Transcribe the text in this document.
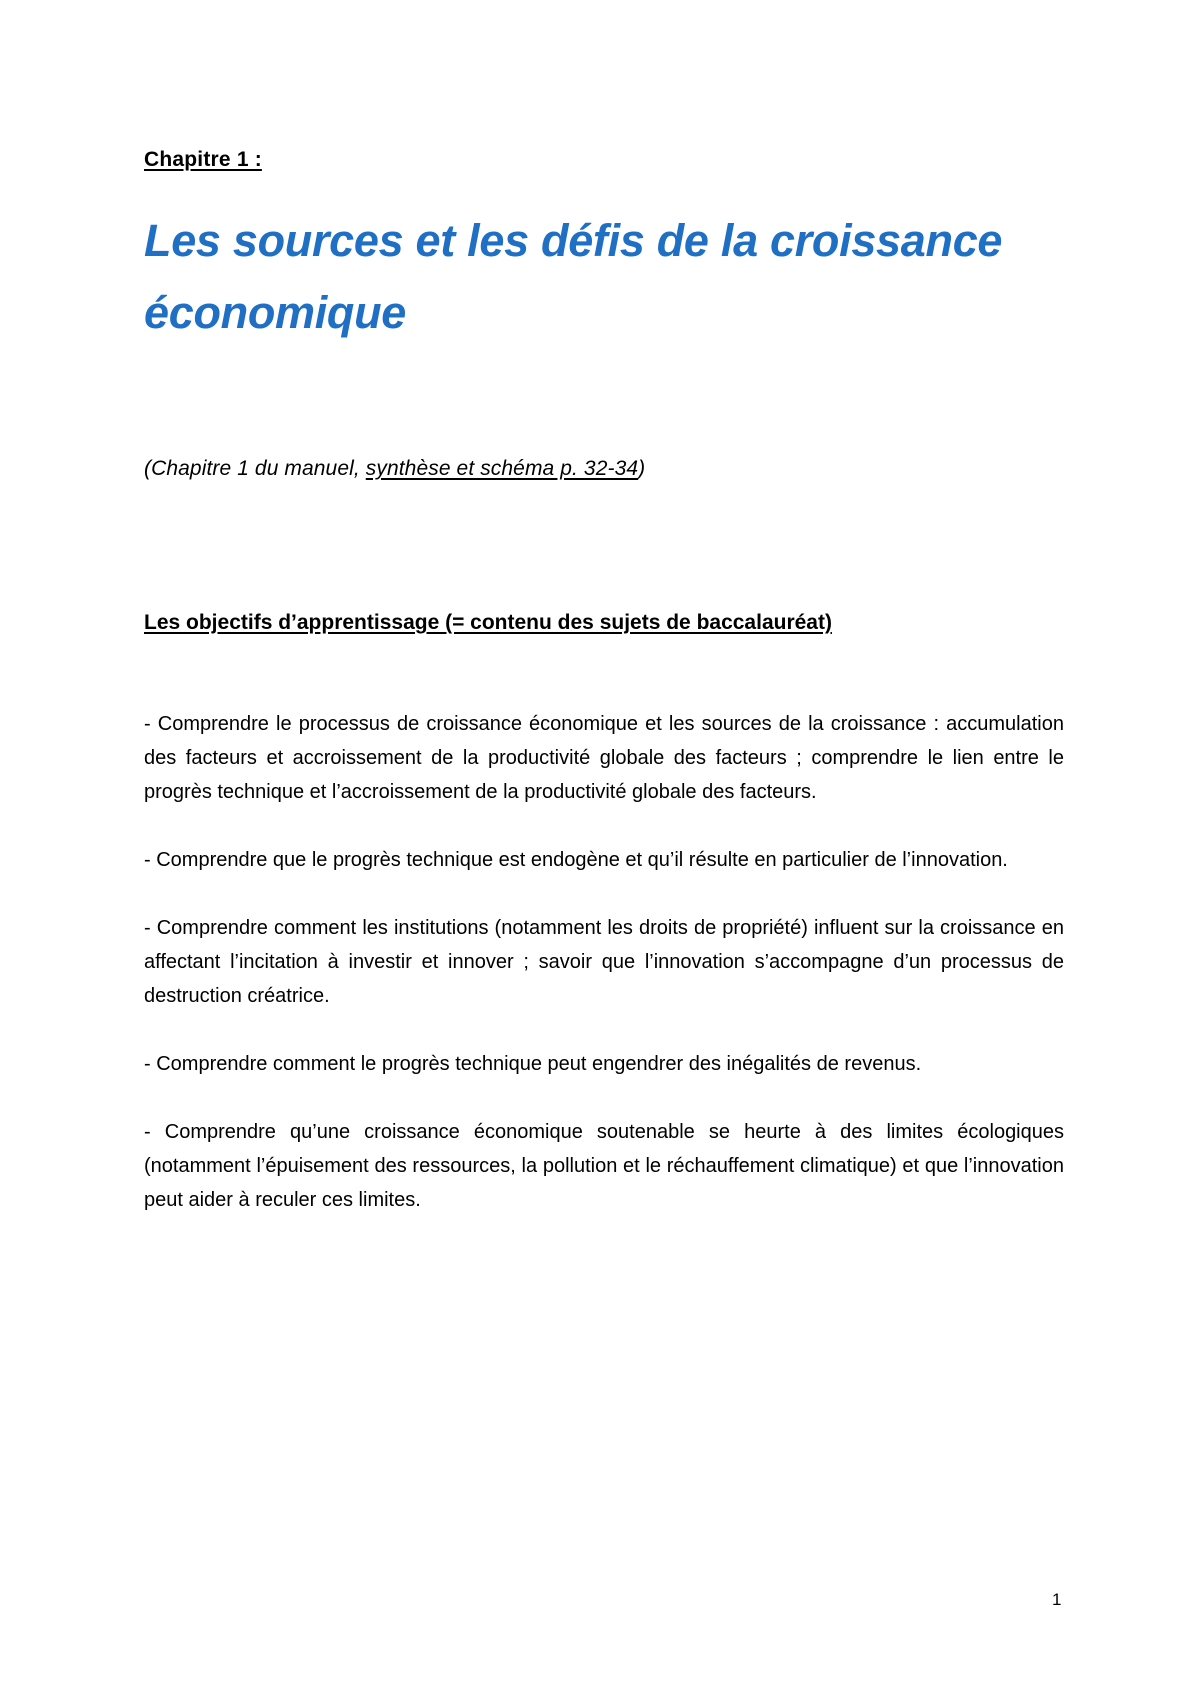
Chapitre 1 :
Les sources et les défis de la croissance économique
(Chapitre 1 du manuel, synthèse et schéma p. 32-34)
Les objectifs d’apprentissage (= contenu des sujets de baccalauréat)
- Comprendre le processus de croissance économique et les sources de la croissance : accumulation des facteurs et accroissement de la productivité globale des facteurs ; comprendre le lien entre le progrès technique et l’accroissement de la productivité globale des facteurs.
- Comprendre que le progrès technique est endogène et qu’il résulte en particulier de l’innovation.
- Comprendre comment les institutions (notamment les droits de propriété) influent sur la croissance en affectant l’incitation à investir et innover ; savoir que l’innovation s’accompagne d’un processus de destruction créatrice.
- Comprendre comment le progrès technique peut engendrer des inégalités de revenus.
- Comprendre qu’une croissance économique soutenable se heurte à des limites écologiques (notamment l’épuisement des ressources, la pollution et le réchauffement climatique) et que l’innovation peut aider à reculer ces limites.
1
